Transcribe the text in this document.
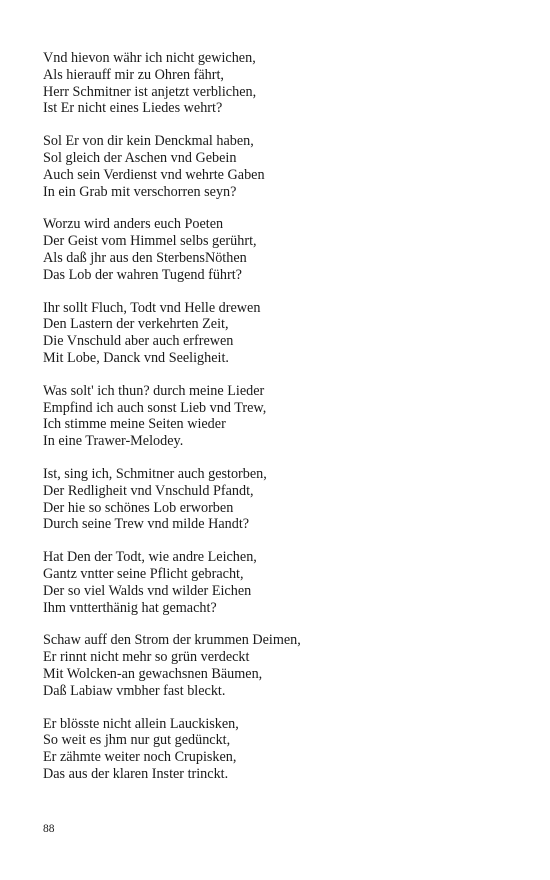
Vnd hievon währ ich nicht gewichen,
Als hierauff mir zu Ohren fährt,
Herr Schmitner ist anjetzt verblichen,
Ist Er nicht eines Liedes wehrt?
Sol Er von dir kein Denckmal haben,
Sol gleich der Aschen vnd Gebein
Auch sein Verdienst vnd wehrte Gaben
In ein Grab mit verschorren seyn?
Worzu wird anders euch Poeten
Der Geist vom Himmel selbs gerührt,
Als daß jhr aus den SterbensNöthen
Das Lob der wahren Tugend führt?
Ihr sollt Fluch, Todt vnd Helle drewen
Den Lastern der verkehrten Zeit,
Die Vnschuld aber auch erfrewen
Mit Lobe, Danck vnd Seeligheit.
Was solt' ich thun? durch meine Lieder
Empfind ich auch sonst Lieb vnd Trew,
Ich stimme meine Seiten wieder
In eine Trawer-Melodey.
Ist, sing ich, Schmitner auch gestorben,
Der Redligheit vnd Vnschuld Pfandt,
Der hie so schönes Lob erworben
Durch seine Trew vnd milde Handt?
Hat Den der Todt, wie andre Leichen,
Gantz vntter seine Pflicht gebracht,
Der so viel Walds vnd wilder Eichen
Ihm vntterthänig hat gemacht?
Schaw auff den Strom der krummen Deimen,
Er rinnt nicht mehr so grün verdeckt
Mit Wolcken-an gewachsnen Bäumen,
Daß Labiaw vmbher fast bleckt.
Er blösste nicht allein Lauckisken,
So weit es jhm nur gut gedünckt,
Er zähmte weiter noch Crupisken,
Das aus der klaren Inster trinckt.
88
